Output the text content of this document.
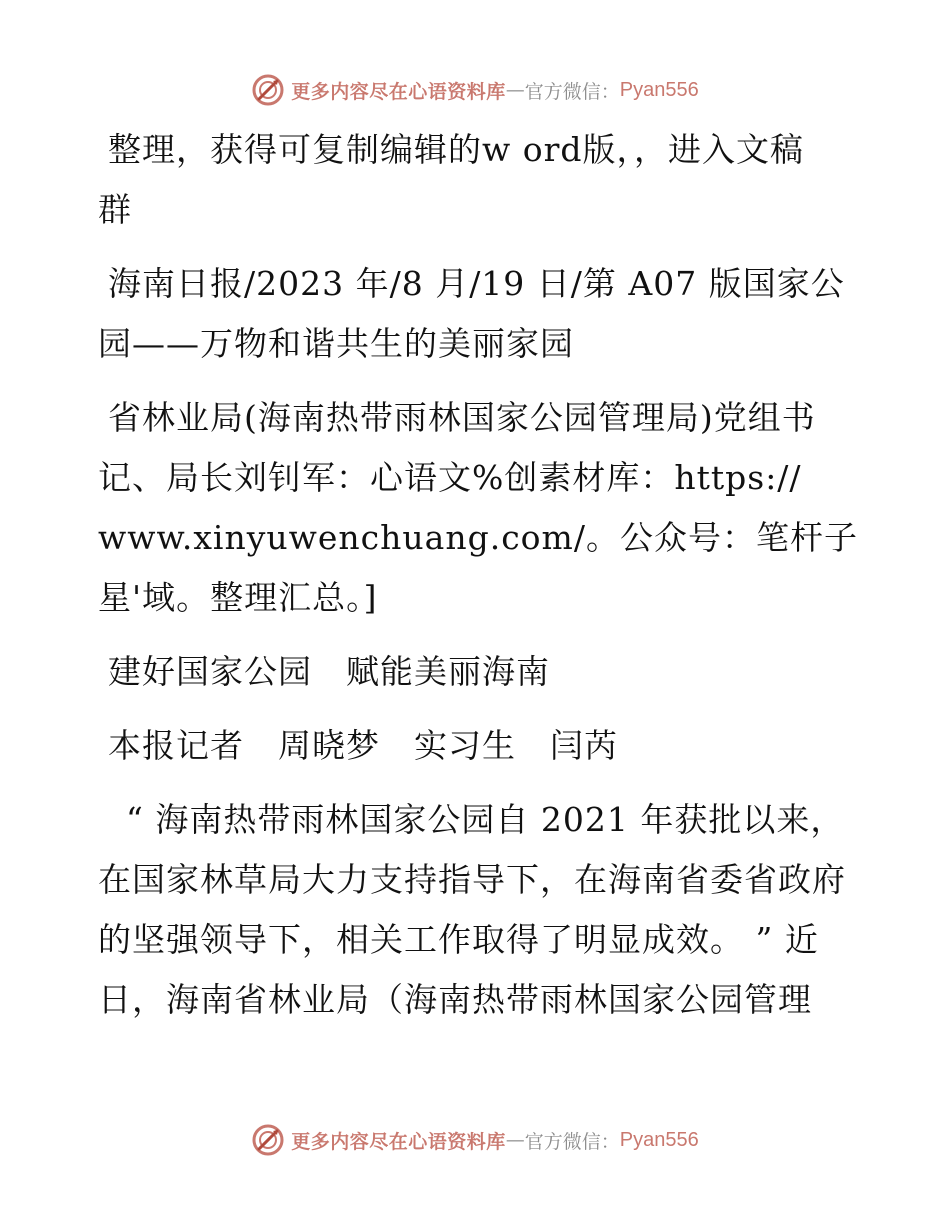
更多内容尽在心语资料库 — 官方微信： Pyan556
整理，获得可复制编辑的w ord版，，进入文稿
群
海南日报/2023 年/8 月/19 日/第 A07 版国家公
园——万物和谐共生的美丽家园
省林业局(海南热带雨林国家公园管理局)党组书
记、局长刘钊军：心语文%创素材库：https://
www.xinyuwenchuang.com/。公众号：笔杆子
星'域。整理汇总。]
建好国家公园 赋能美丽海南
本报记者 周晓梦 实习生 闫芮
“ 海南热带雨林国家公园自 2021 年获批以来，
在国家林草局大力支持指导下，在海南省委省政府
的坚强领导下，相关工作取得了明显成效。 ” 近
日，海南省林业局（海南热带雨林国家公园管理
更多内容尽在心语资料库 — 官方微信： Pyan556
